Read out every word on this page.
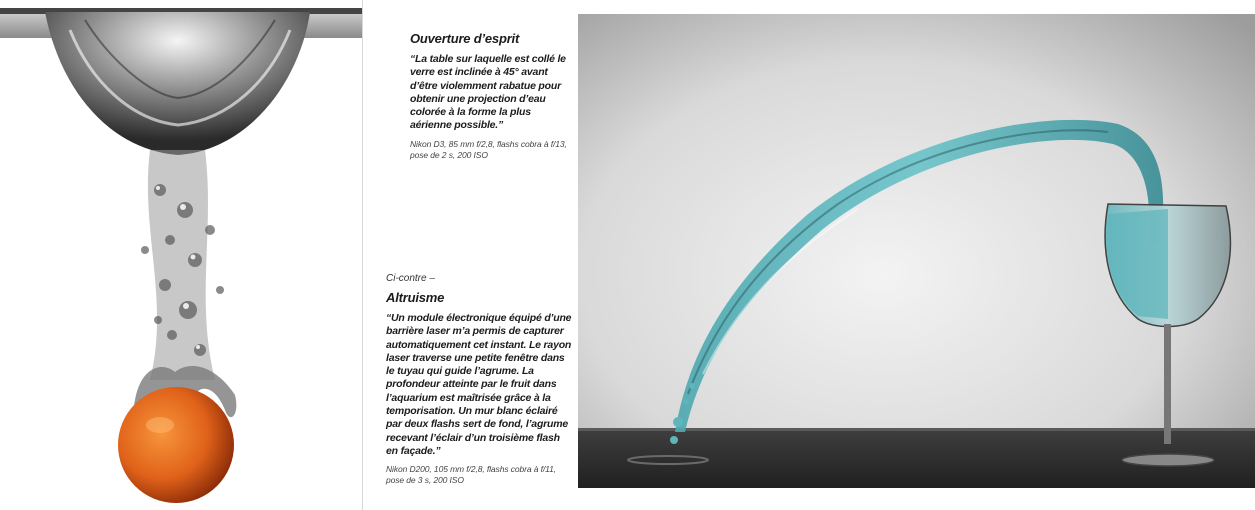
Ouverture d’esprit
“La table sur laquelle est collé le verre est inclinée à 45° avant d’être violemment rabatue pour obtenir une projection d’eau colorée à la forme la plus aérienne possible.”
Nikon D3, 85 mm f/2,8, flashs cobra à f/13, pose de 2 s, 200 ISO
Ci-contre –
Altruisme
“Un module électronique équipé d’une barrière laser m’a permis de capturer automatiquement cet instant. Le rayon laser traverse une petite fenêtre dans le tuyau qui guide l’agrume. La profondeur atteinte par le fruit dans l’aquarium est maîtrisée grâce à la temporisation. Un mur blanc éclairé par deux flashs sert de fond, l’agrume recevant l’éclair d’un troisième flash en façade.”
Nikon D200, 105 mm f/2,8, flashs cobra à f/11, pose de 3 s, 200 ISO
